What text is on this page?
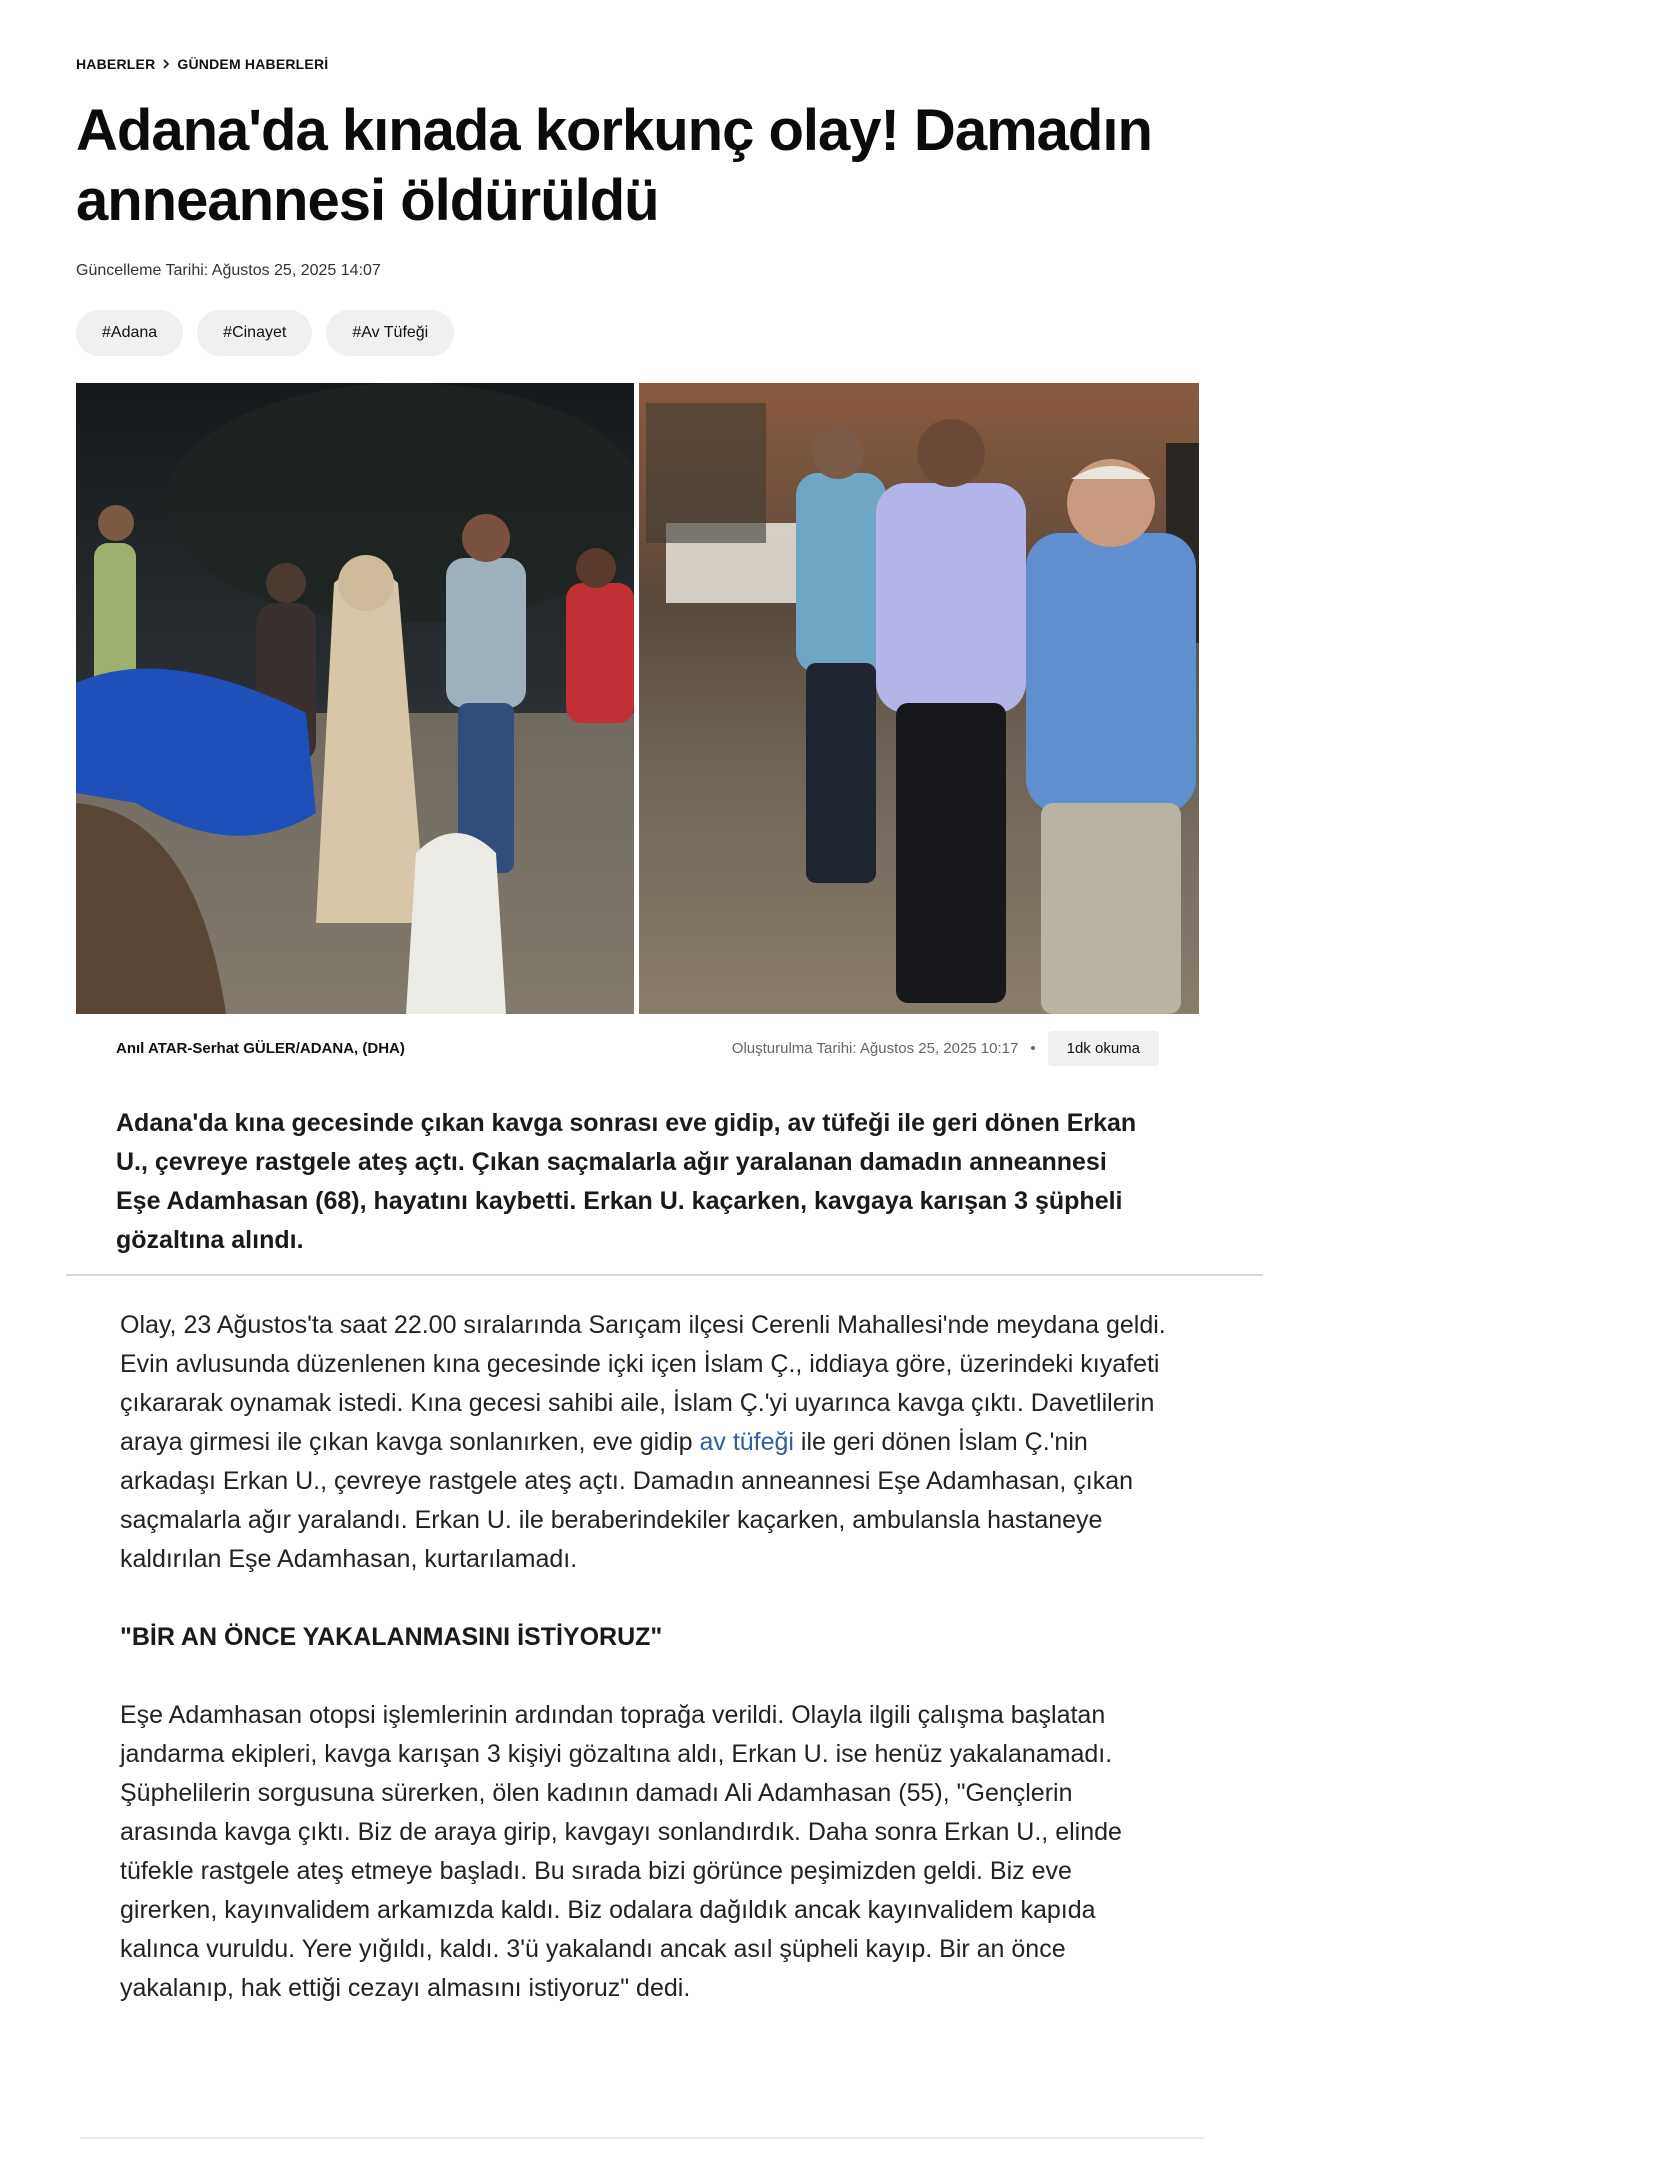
HABERLER GÜNDEM HABERLERİ
Adana'da kınada korkunç olay! Damadın anneannesi öldürüldü
Güncelleme Tarihi: Ağustos 25, 2025 14:07
#Adana	#Cinayet	#Av Tüfeği
Anıl ATAR-Serhat GÜLER/ADANA, (DHA)	Oluşturulma Tarihi: Ağustos 25, 2025 10:17 •	1dk okuma

Adana'da kına gecesinde çıkan kavga sonrası eve gidip, av tüfeği ile geri dönen Erkan U., çevreye rastgele ateş açtı. Çıkan saçmalarla ağır yaralanan damadın anneannesi Eşe Adamhasan (68), hayatını kaybetti. Erkan U. kaçarken, kavgaya karışan 3 şüpheli gözaltına alındı.

Olay, 23 Ağustos'ta saat 22.00 sıralarında Sarıçam ilçesi Cerenli Mahallesi'nde meydana geldi. Evin avlusunda düzenlenen kına gecesinde içki içen İslam Ç., iddiaya göre, üzerindeki kıyafeti çıkararak oynamak istedi. Kına gecesi sahibi aile, İslam Ç.'yi uyarınca kavga çıktı. Davetlilerin araya girmesi ile çıkan kavga sonlanırken, eve gidip av tüfeği ile geri dönen İslam Ç.'nin arkadaşı Erkan U., çevreye rastgele ateş açtı. Damadın anneannesi Eşe Adamhasan, çıkan saçmalarla ağır yaralandı. Erkan U. ile beraberindekiler kaçarken, ambulansla hastaneye kaldırılan Eşe Adamhasan, kurtarılamadı.

"BİR AN ÖNCE YAKALANMASINI İSTİYORUZ"

Eşe Adamhasan otopsi işlemlerinin ardından toprağa verildi. Olayla ilgili çalışma başlatan jandarma ekipleri, kavga karışan 3 kişiyi gözaltına aldı, Erkan U. ise henüz yakalanamadı. Şüphelilerin sorgusuna sürerken, ölen kadının damadı Ali Adamhasan (55), "Gençlerin arasında kavga çıktı. Biz de araya girip, kavgayı sonlandırdık. Daha sonra Erkan U., elinde tüfekle rastgele ateş etmeye başladı. Bu sırada bizi görünce peşimizden geldi. Biz eve girerken, kayınvalidem arkamızda kaldı. Biz odalara dağıldık ancak kayınvalidem kapıda kalınca vuruldu. Yere yığıldı, kaldı. 3'ü yakalandı ancak asıl şüpheli kayıp. Bir an önce yakalanıp, hak ettiği cezayı almasını istiyoruz" dedi.
